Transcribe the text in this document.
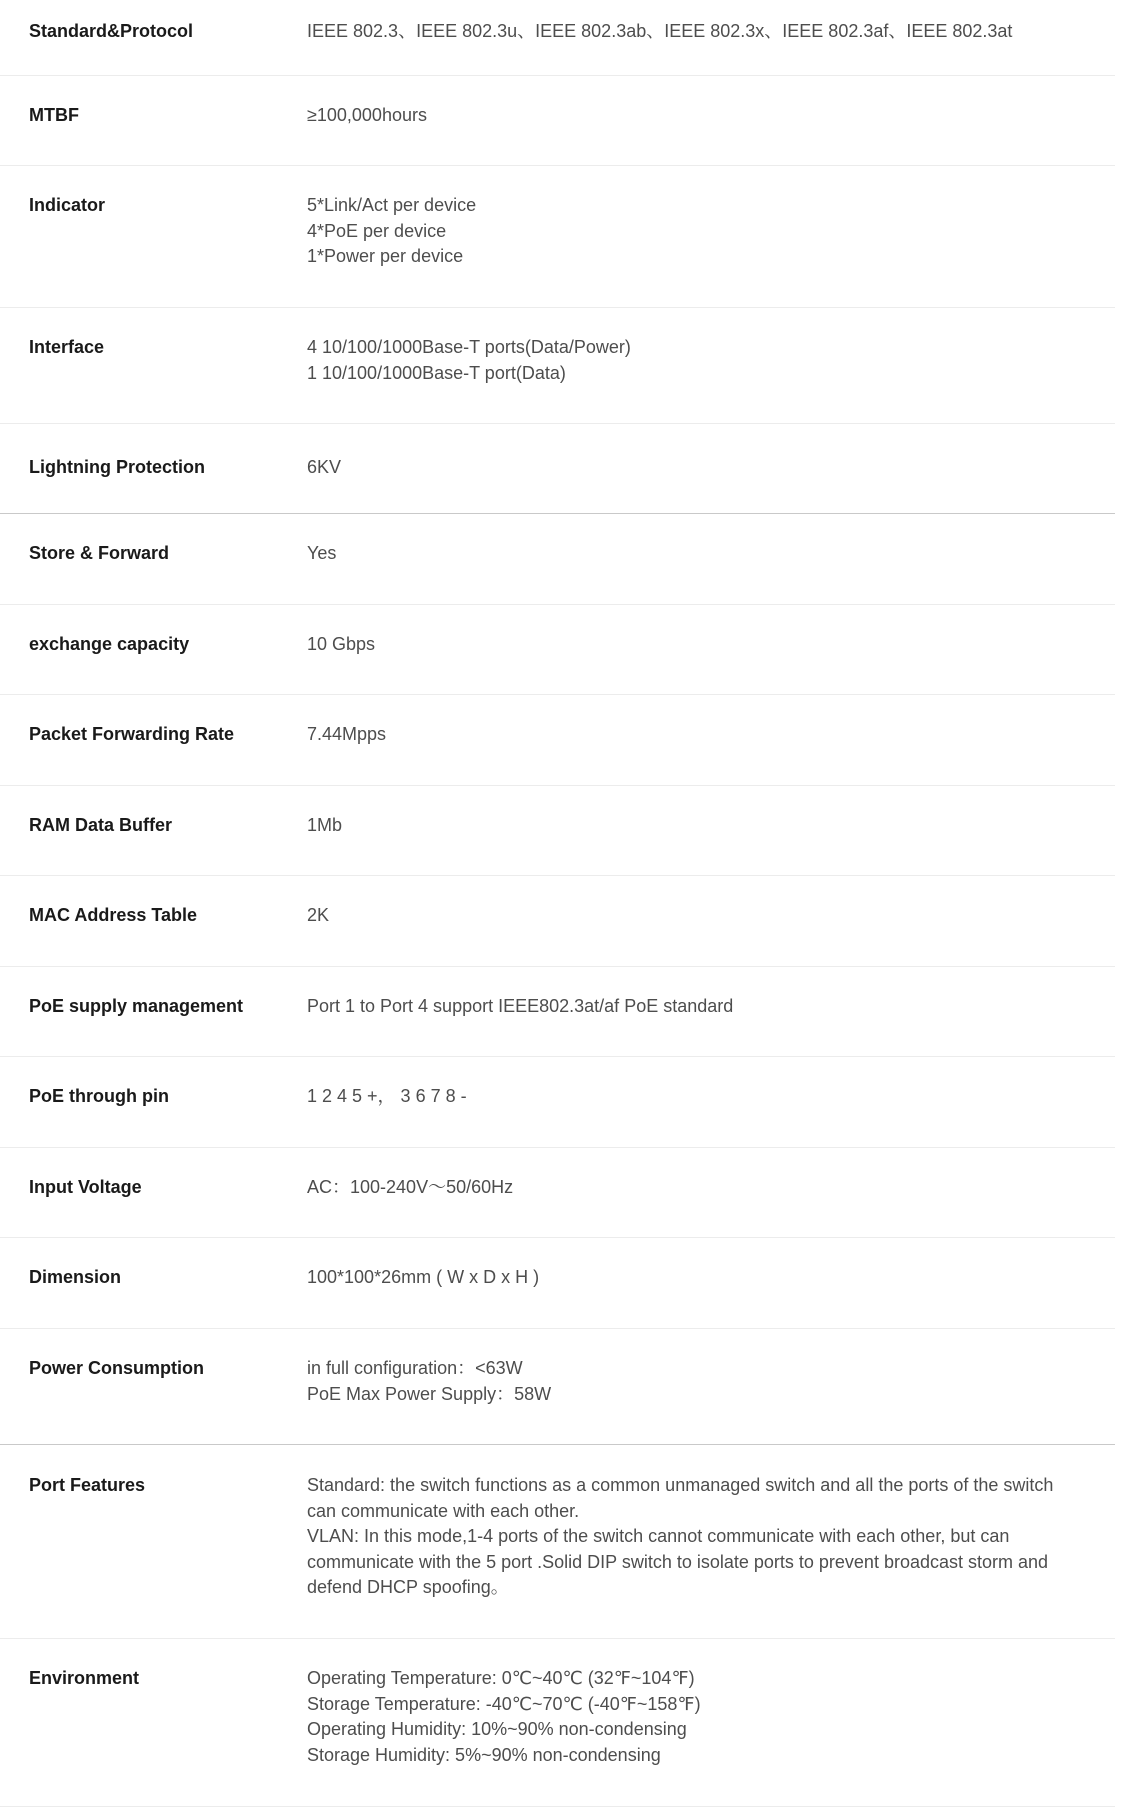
Standard&Protocol	IEEE 802.3、IEEE 802.3u、IEEE 802.3ab、IEEE 802.3x、IEEE 802.3af、IEEE 802.3at
MTBF	≥100,000hours
Indicator	5*Link/Act per device
4*PoE per device
1*Power per device
Interface	4 10/100/1000Base-T ports(Data/Power)
1 10/100/1000Base-T port(Data)
Lightning Protection	6KV
Store & Forward	Yes
exchange capacity	10 Gbps
Packet Forwarding Rate	7.44Mpps
RAM Data Buffer	1Mb
MAC Address Table	2K
PoE supply management	Port 1 to Port 4 support IEEE802.3at/af PoE standard
PoE through pin	1 2 4 5 +， 3 6 7 8 -
Input Voltage	AC：100-240V～50/60Hz
Dimension	100*100*26mm ( W x D x H )
Power Consumption	in full configuration：<63W
PoE Max Power Supply：58W
Port Features	Standard: the switch functions as a common unmanaged switch and all the ports of the switch
can communicate with each other.
VLAN: In this mode,1-4 ports of the switch cannot communicate with each other, but can
communicate with the 5 port .Solid DIP switch to isolate ports to prevent broadcast storm and
defend DHCP spoofing。
Environment	Operating Temperature: 0℃~40℃ (32℉~104℉)
Storage Temperature: -40℃~70℃ (-40℉~158℉)
Operating Humidity: 10%~90% non-condensing
Storage Humidity: 5%~90% non-condensing
